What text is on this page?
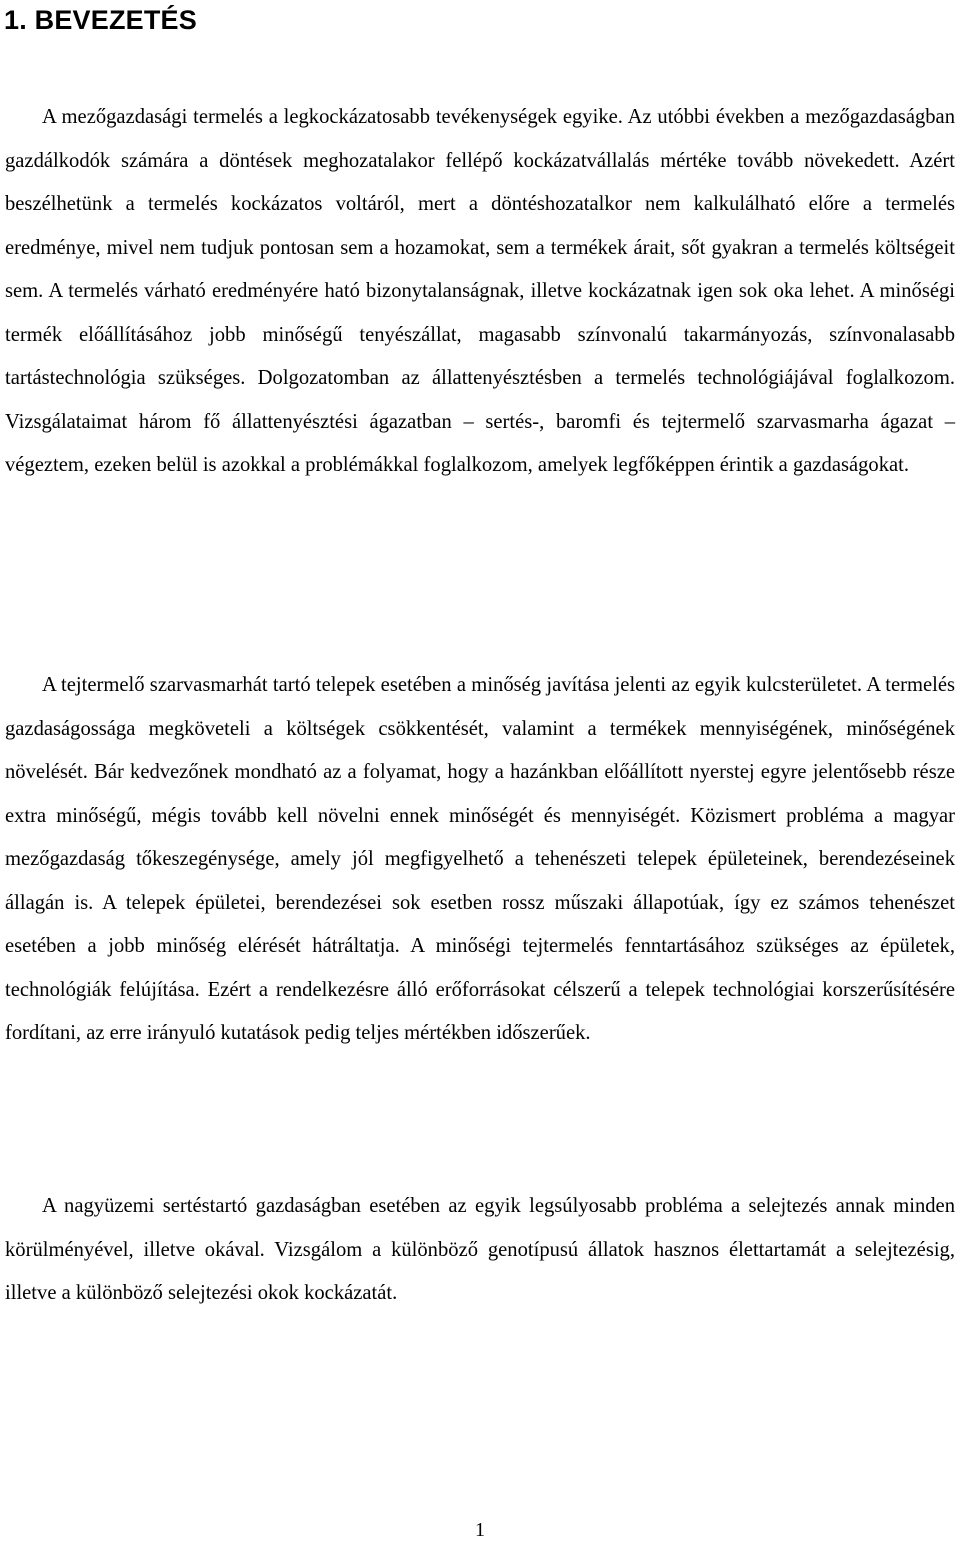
1. BEVEZETÉS

A mezőgazdasági termelés a legkockázatosabb tevékenységek egyike. Az utóbbi években a mezőgazdaságban gazdálkodók számára a döntések meghozatalakor fellépő kockázatvállalás mértéke tovább növekedett. Azért beszélhetünk a termelés kockázatos voltáról, mert a döntéshozatalkor nem kalkulálható előre a termelés eredménye, mivel nem tudjuk pontosan sem a hozamokat, sem a termékek árait, sőt gyakran a termelés költségeit sem. A termelés várható eredményére ható bizonytalanságnak, illetve kockázatnak igen sok oka lehet. A minőségi termék előállításához jobb minőségű tenyészállat, magasabb színvonalú takarmányozás, színvonalasabb tartástechnológia szükséges. Dolgozatomban az állattenyésztésben a termelés technológiájával foglalkozom. Vizsgálataimat három fő állattenyésztési ágazatban – sertés-, baromfi és tejtermelő szarvasmarha ágazat – végeztem, ezeken belül is azokkal a problémákkal foglalkozom, amelyek legfőképpen érintik a gazdaságokat.

A tejtermelő szarvasmarhát tartó telepek esetében a minőség javítása jelenti az egyik kulcsterületet. A termelés gazdaságossága megköveteli a költségek csökkentését, valamint a termékek mennyiségének, minőségének növelését. Bár kedvezőnek mondható az a folyamat, hogy a hazánkban előállított nyerstej egyre jelentősebb része extra minőségű, mégis tovább kell növelni ennek minőségét és mennyiségét. Közismert probléma a magyar mezőgazdaság tőkeszegénysége, amely jól megfigyelhető a tehenészeti telepek épületeinek, berendezéseinek állagán is. A telepek épületei, berendezései sok esetben rossz műszaki állapotúak, így ez számos tehenészet esetében a jobb minőség elérését hátráltatja. A minőségi tejtermelés fenntartásához szükséges az épületek, technológiák felújítása. Ezért a rendelkezésre álló erőforrásokat célszerű a telepek technológiai korszerűsítésére fordítani, az erre irányuló kutatások pedig teljes mértékben időszerűek.

A nagyüzemi sertéstartó gazdaságban esetében az egyik legsúlyosabb probléma a selejtezés annak minden körülményével, illetve okával. Vizsgálom a különböző genotípusú állatok hasznos élettartamát a selejtezésig, illetve a különböző selejtezési okok kockázatát.

1
